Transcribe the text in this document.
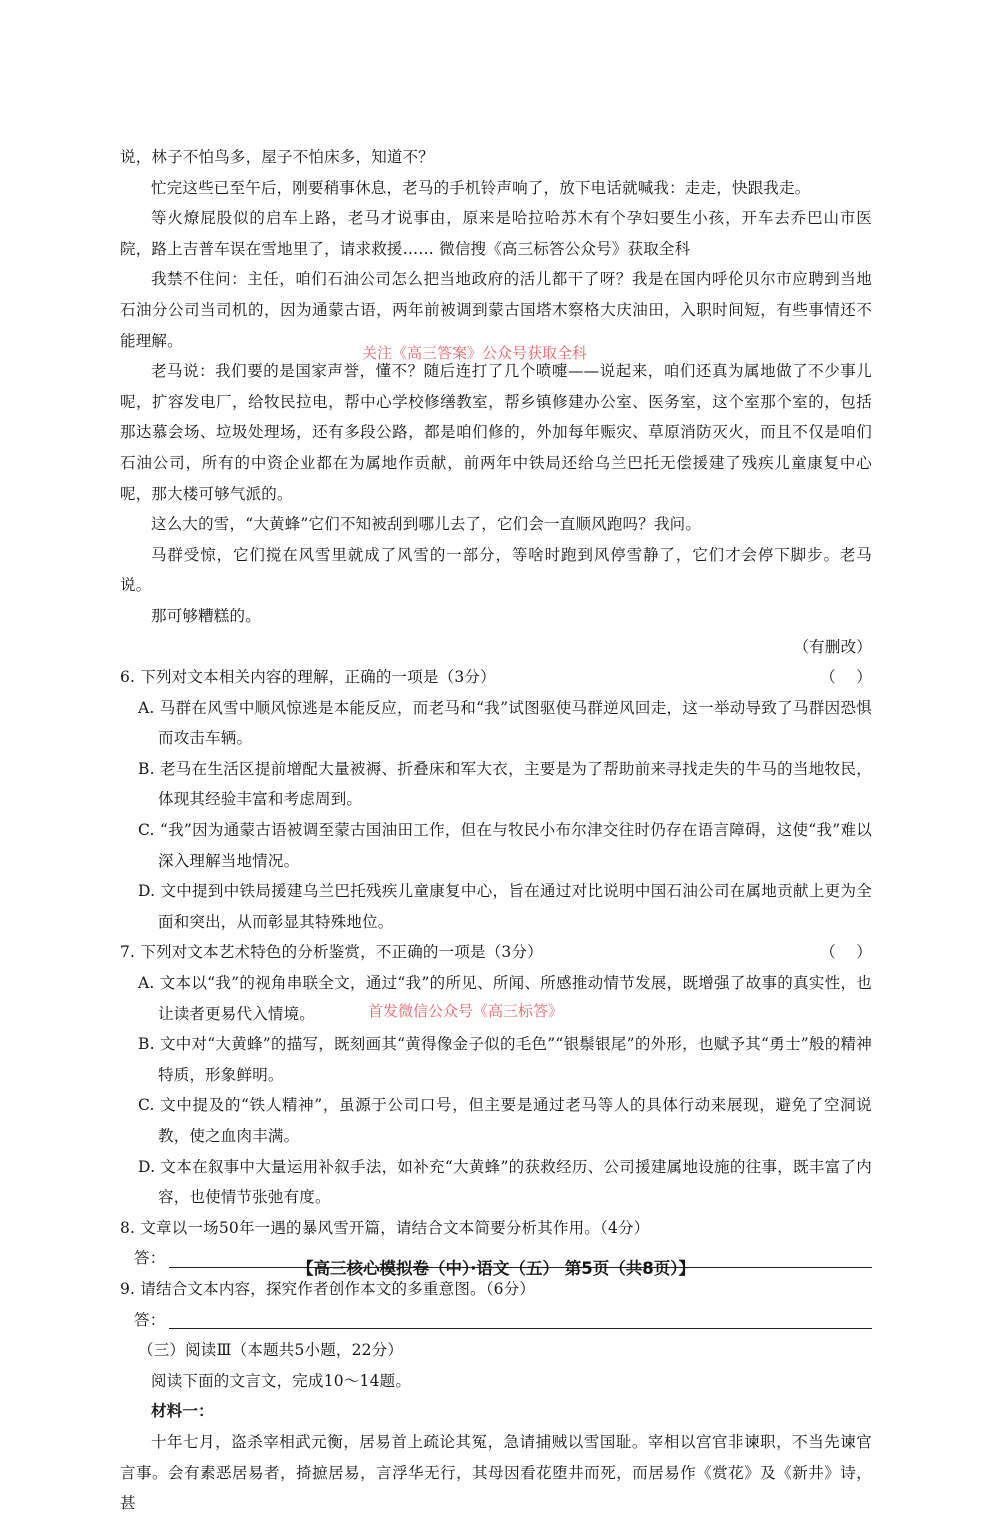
说，林子不怕鸟多，屋子不怕床多，知道不？

忙完这些已至午后，刚要稍事休息，老马的手机铃声响了，放下电话就喊我：走走，快跟我走。

等火燎屁股似的启车上路，老马才说事由，原来是哈拉哈苏木有个孕妇要生小孩，开车去乔巴山市医院，路上吉普车误在雪地里了，请求救援…… 微信搜《高三标答公众号》获取全科

我禁不住问：主任，咱们石油公司怎么把当地政府的活儿都干了呀？我是在国内呼伦贝尔市应聘到当地石油分公司当司机的，因为通蒙古语，两年前被调到蒙古国塔木察格大庆油田，入职时间短，有些事情还不能理解。

老马说：我们要的是国家声誉，懂不？随后连打了几个喷嚏——说起来，咱们还真为属地做了不少事儿呢，扩容发电厂，给牧民拉电，帮中心学校修缮教室，帮乡镇修建办公室、医务室，这个室那个室的，包括那达慕会场、垃圾处理场，还有多段公路，都是咱们修的，外加每年赈灾、草原消防灭火，而且不仅是咱们石油公司，所有的中资企业都在为属地作贡献，前两年中铁局还给乌兰巴托无偿援建了残疾儿童康复中心呢，那大楼可够气派的。

这么大的雪，“大黄蜂”它们不知被刮到哪儿去了，它们会一直顺风跑吗？我问。

马群受惊，它们搅在风雪里就成了风雪的一部分，等啥时跑到风停雪静了，它们才会停下脚步。老马说。

那可够糟糕的。

（有删改）

6. 下列对文本相关内容的理解，正确的一项是（3分）	（    ）

A. 马群在风雪中顺风惊逃是本能反应，而老马和“我”试图驱使马群逆风回走，这一举动导致了马群因恐惧而攻击车辆。

B. 老马在生活区提前增配大量被褥、折叠床和军大衣，主要是为了帮助前来寻找走失的牛马的当地牧民，体现其经验丰富和考虑周到。

C. “我”因为通蒙古语被调至蒙古国油田工作，但在与牧民小布尔津交往时仍存在语言障碍，这使“我”难以深入理解当地情况。

D. 文中提到中铁局援建乌兰巴托残疾儿童康复中心，旨在通过对比说明中国石油公司在属地贡献上更为全面和突出，从而彰显其特殊地位。

7. 下列对文本艺术特色的分析鉴赏，不正确的一项是（3分）	（    ）

A. 文本以“我”的视角串联全文，通过“我”的所见、所闻、所感推动情节发展，既增强了故事的真实性，也让读者更易代入情境。

B. 文中对“大黄蜂”的描写，既刻画其“黄得像金子似的毛色”“银鬃银尾”的外形，也赋予其“勇士”般的精神特质，形象鲜明。

C. 文中提及的“铁人精神”，虽源于公司口号，但主要是通过老马等人的具体行动来展现，避免了空洞说教，使之血肉丰满。

D. 文本在叙事中大量运用补叙手法，如补充“大黄蜂”的获救经历、公司援建属地设施的往事，既丰富了内容，也使情节张弛有度。

8. 文章以一场50年一遇的暴风雪开篇，请结合文本简要分析其作用。（4分）

答：

9. 请结合文本内容，探究作者创作本文的多重意图。（6分）

答：

（三）阅读Ⅲ（本题共5小题，22分）

阅读下面的文言文，完成10～14题。

材料一：

十年七月，盗杀宰相武元衡，居易首上疏论其冤，急请捕贼以雪国耻。宰相以宫官非谏职，不当先谏官言事。会有素恶居易者，掎摭居易，言浮华无行，其母因看花堕井而死，而居易作《赏花》及《新井》诗，甚

关注《高三答案》公众号获取全科
首发微信公众号《高三标答》
【高三核心模拟卷（中）·语文（五） 第5页（共8页）】
